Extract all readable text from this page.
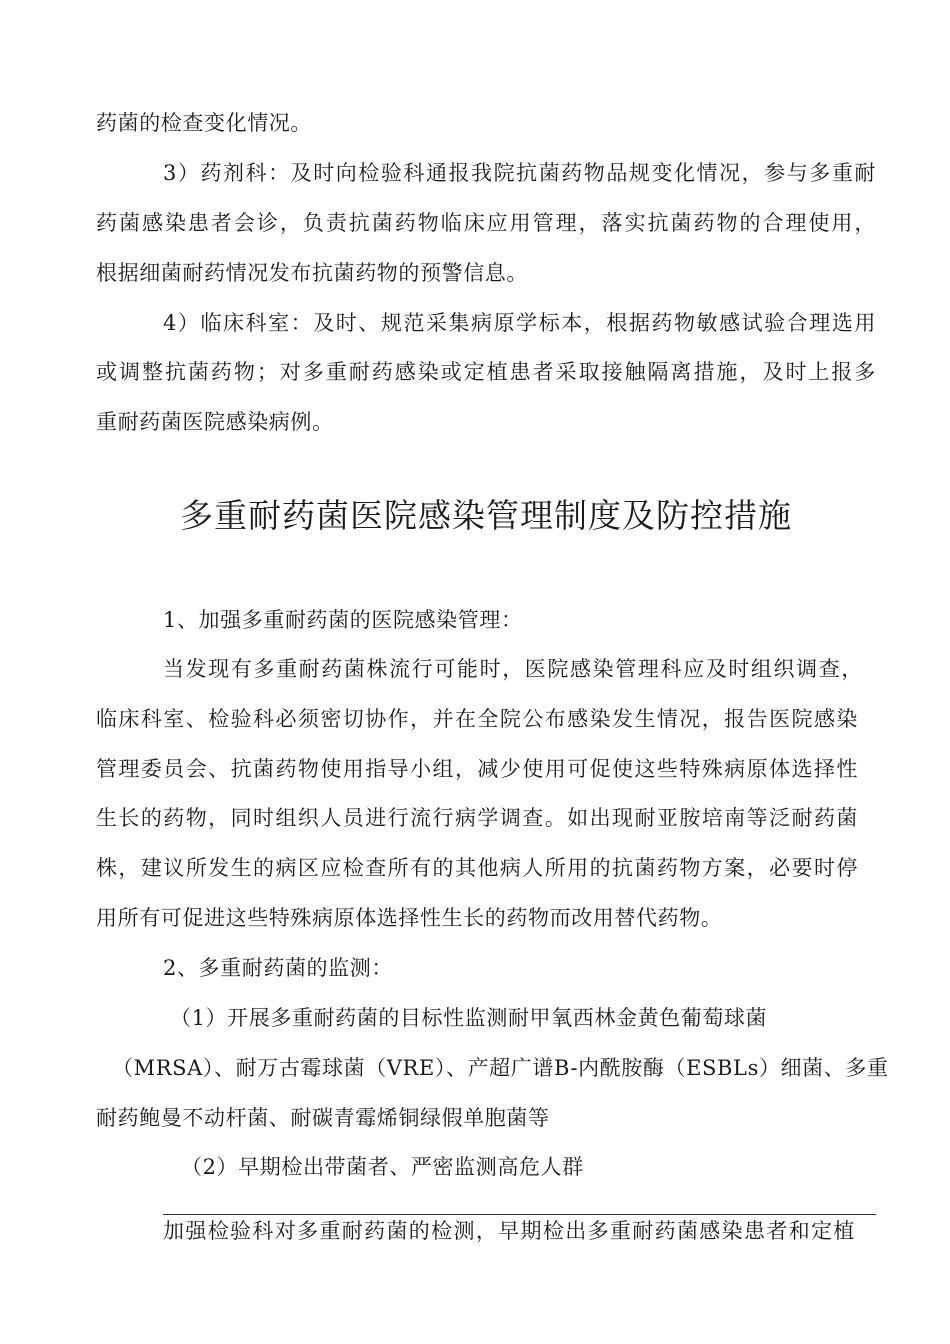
药菌的检查变化情况。
3）药剂科：及时向检验科通报我院抗菌药物品规变化情况，参与多重耐
药菌感染患者会诊，负责抗菌药物临床应用管理，落实抗菌药物的合理使用，
根据细菌耐药情况发布抗菌药物的预警信息。
4）临床科室：及时、规范采集病原学标本，根据药物敏感试验合理选用
或调整抗菌药物；对多重耐药感染或定植患者采取接触隔离措施，及时上报多
重耐药菌医院感染病例。
多重耐药菌医院感染管理制度及防控措施
1、加强多重耐药菌的医院感染管理：
当发现有多重耐药菌株流行可能时，医院感染管理科应及时组织调查，
临床科室、检验科必须密切协作，并在全院公布感染发生情况，报告医院感染
管理委员会、抗菌药物使用指导小组，减少使用可促使这些特殊病原体选择性
生长的药物，同时组织人员进行流行病学调查。如出现耐亚胺培南等泛耐药菌
株，建议所发生的病区应检查所有的其他病人所用的抗菌药物方案，必要时停
用所有可促进这些特殊病原体选择性生长的药物而改用替代药物。
2、多重耐药菌的监测：
（1）开展多重耐药菌的目标性监测耐甲氧西林金黄色葡萄球菌
（MRSA）、耐万古霉球菌（VRE）、产超广谱B-内酰胺酶（ESBLs）细菌、多重
耐药鲍曼不动杆菌、耐碳青霉烯铜绿假单胞菌等
（2）早期检出带菌者、严密监测高危人群
加强检验科对多重耐药菌的检测，早期检出多重耐药菌感染患者和定植
